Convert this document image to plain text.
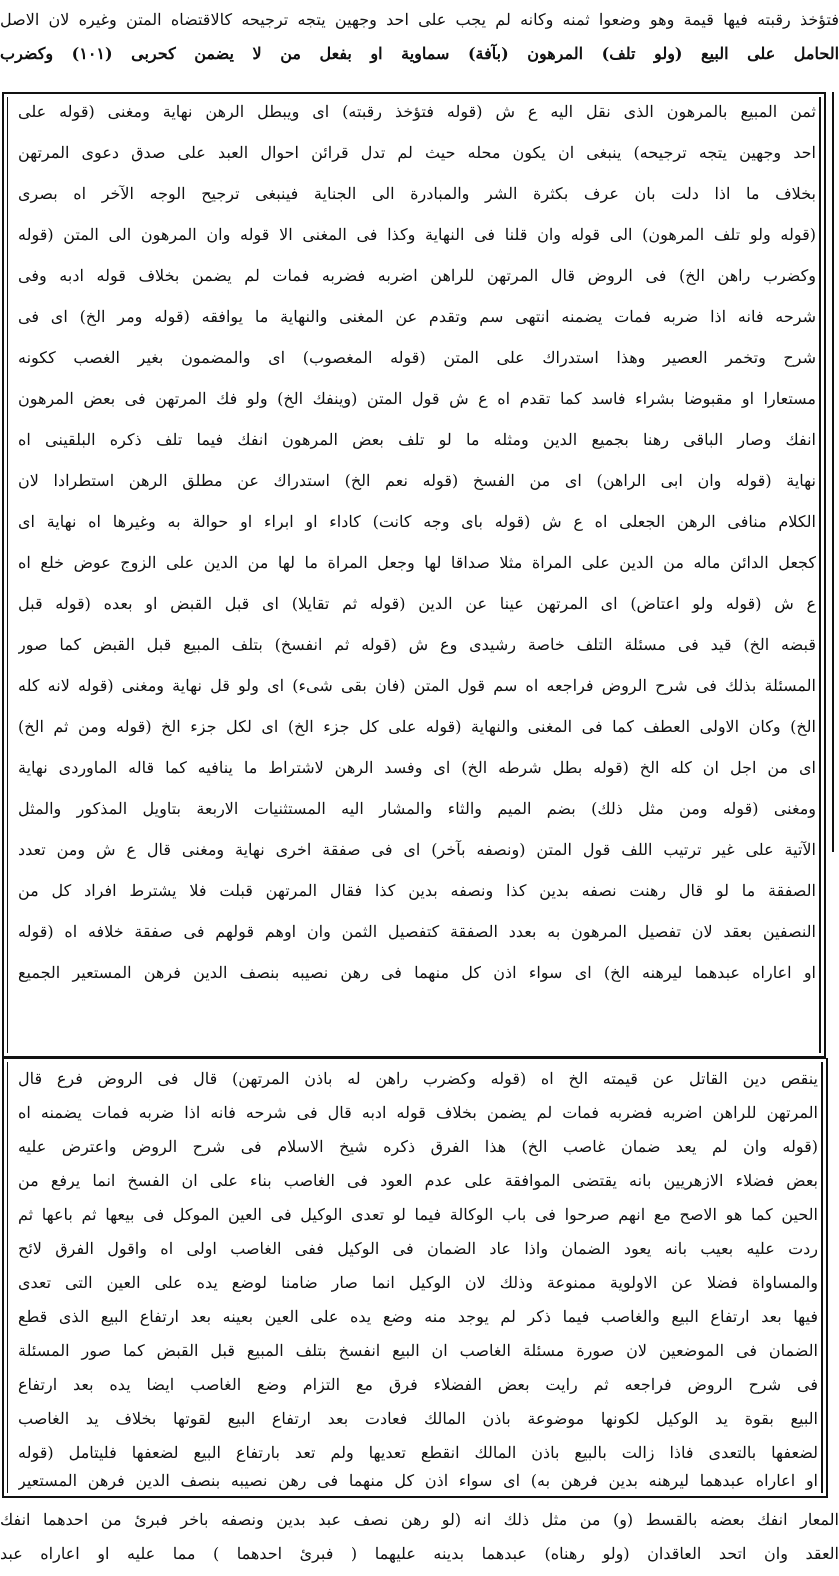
فتؤخذ رقبته فيها قيمة وهو وضعوا ثمنه وكانه لم يجب على احد وجهين يتجه ترجيحه كالاقتضاه المتن وغيره لان الاصل
الحامل على البيع (ولو تلف) المرهون (بآفة) سماوية او بفعل من لا يضمن كحربى (١٠١) وكضرب
ثمن المبيع بالمرهون الذى نقل اليه ع ش (قوله فتؤخذ رقبته) اى ويبطل الرهن نهاية ومغنى (قوله على
احد وجهين يتجه ترجيحه) ينبغى ان يكون محله حيث لم تدل قرائن احوال العبد على صدق دعوى المرتهن
بخلاف ما اذا دلت بان عرف بكثرة الشر والمبادرة الى الجناية فينبغى ترجيح الوجه الآخر اه بصرى
(قوله ولو تلف المرهون) الى قوله وان قلنا فى النهاية وكذا فى المغنى الا قوله وان المرهون الى المتن (قوله
وكضرب راهن الخ) فى الروض قال المرتهن للراهن اضربه فضربه فمات لم يضمن بخلاف قوله ادبه وفى
شرحه فانه اذا ضربه فمات يضمنه انتهى سم وتقدم عن المغنى والنهاية ما يوافقه (قوله ومر الخ) اى فى
شرح وتخمر العصير وهذا استدراك على المتن (قوله المغصوب) اى والمضمون بغير الغصب ككونه
مستعارا او مقبوضا بشراء فاسد كما تقدم اه ع ش قول المتن (وينفك الخ) ولو فك المرتهن فى بعض المرهون
انفك وصار الباقى رهنا بجميع الدين ومثله ما لو تلف بعض المرهون انفك فيما تلف ذكره البلقينى اه
نهاية (قوله وان ابى الراهن) اى من الفسخ (قوله نعم الخ) استدراك عن مطلق الرهن استطرادا لان
الكلام منافى الرهن الجعلى اه ع ش (قوله باى وجه كانت) كاداء او ابراء او حوالة به وغيرها اه نهاية اى
كجعل الدائن ماله من الدين على المراة مثلا صداقا لها وجعل المراة ما لها من الدين على الزوج عوض خلع اه
ع ش (قوله ولو اعتاض) اى المرتهن عينا عن الدين (قوله ثم تقايلا) اى قبل القبض او بعده (قوله قبل
قبضه الخ) قيد فى مسئلة التلف خاصة رشيدى وع ش (قوله ثم انفسخ) بتلف المبيع قبل القبض كما صور
المسئلة بذلك فى شرح الروض فراجعه اه سم قول المتن (فان بقى شىء) اى ولو قل نهاية ومغنى (قوله لانه كله
الخ) وكان الاولى العطف كما فى المغنى والنهاية (قوله على كل جزء الخ) اى لكل جزء الخ (قوله ومن ثم الخ)
اى من اجل ان كله الخ (قوله بطل شرطه الخ) اى وفسد الرهن لاشتراط ما ينافيه كما قاله الماوردى نهاية
ومغنى (قوله ومن مثل ذلك) بضم الميم والثاء والمشار اليه المستثنيات الاربعة بتاويل المذكور والمثل
الآتية على غير ترتيب اللف قول المتن (ونصفه بآخر) اى فى صفقة اخرى نهاية ومغنى قال ع ش ومن تعدد
الصفقة ما لو قال رهنت نصفه بدين كذا ونصفه بدين كذا فقال المرتهن قبلت فلا يشترط افراد كل من
النصفين بعقد لان تفصيل المرهون به بعدد الصفقة كتفصيل الثمن وان اوهم قولهم فى صفقة خلافه اه (قوله
او اعاراه عبدهما ليرهنه الخ) اى سواء اذن كل منهما فى رهن نصيبه بنصف الدين فرهن المستعير الجميع
ينقص دين القاتل عن قيمته الخ اه (قوله وكضرب راهن له باذن المرتهن) قال فى الروض فرع قال
المرتهن للراهن اضربه فضربه فمات لم يضمن بخلاف قوله ادبه قال فى شرحه فانه اذا ضربه فمات يضمنه اه
(قوله وان لم يعد ضمان غاصب الخ) هذا الفرق ذكره شيخ الاسلام فى شرح الروض واعترض عليه
بعض فضلاء الازهريين بانه يقتضى الموافقة على عدم العود فى الغاصب بناء على ان الفسخ انما يرفع من
الحين كما هو الاصح مع انهم صرحوا فى باب الوكالة فيما لو تعدى الوكيل فى العين الموكل فى بيعها ثم باعها ثم
ردت عليه بعيب بانه يعود الضمان واذا عاد الضمان فى الوكيل ففى الغاصب اولى اه واقول الفرق لائح
والمساواة فضلا عن الاولوية ممنوعة وذلك لان الوكيل انما صار ضامنا لوضع يده على العين التى تعدى
فيها بعد ارتفاع البيع والغاصب فيما ذكر لم يوجد منه وضع يده على العين بعينه بعد ارتفاع البيع الذى قطع
الضمان فى الموضعين لان صورة مسئلة الغاصب ان البيع انفسخ بتلف المبيع قبل القبض كما صور المسئلة
فى شرح الروض فراجعه ثم رايت بعض الفضلاء فرق مع التزام وضع الغاصب ايضا يده بعد ارتفاع
البيع بقوة يد الوكيل لكونها موضوعة باذن المالك فعادت بعد ارتفاع البيع لقوتها بخلاف يد الغاصب
لضعفها بالتعدى فاذا زالت بالبيع باذن المالك انقطع تعديها ولم تعد بارتفاع البيع لضعفها فليتامل (قوله
او اعاراه عبدهما ليرهنه بدين فرهن به) اى سواء اذن كل منهما فى رهن نصيبه بنصف الدين فرهن المستعير
المعار انفك بعضه بالقسط (و) من مثل ذلك انه (لو رهن نصف عبد بدين ونصفه باخر فبرئ من احدهما انفك
العقد وان اتحد العاقدان (ولو رهناه) عبدهما بدينه عليهما ( فبرئ احدهما ) مما عليه او اعاراه عبد
